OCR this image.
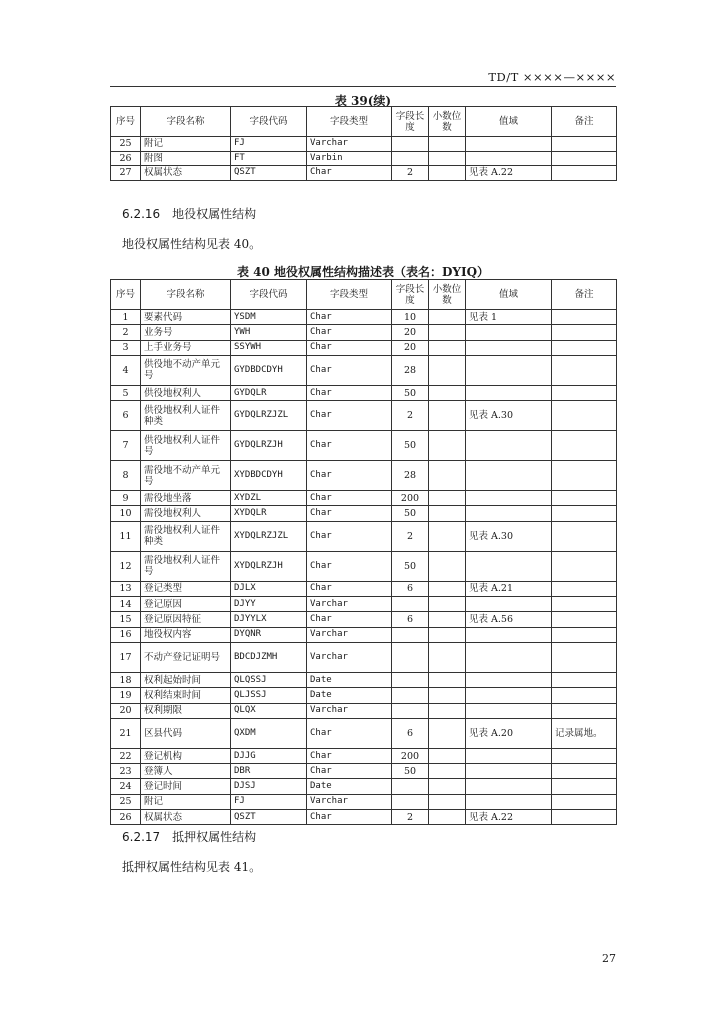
TD/T ××××—××××
表 39(续)
序号	字段名称	字段代码	字段类型	字段长度	小数位数	值域	备注
25	附记	FJ	Varchar				
26	附图	FT	Varbin				
27	权属状态	QSZT	Char	2		见表 A.22	
6.2.16 地役权属性结构
地役权属性结构见表 40。
表 40 地役权属性结构描述表（表名：DYIQ）
序号	字段名称	字段代码	字段类型	字段长度	小数位数	值域	备注
1	要素代码	YSDM	Char	10		见表 1	
2	业务号	YWH	Char	20			
3	上手业务号	SSYWH	Char	20			
4	供役地不动产单元号	GYDBDCDYH	Char	28			
5	供役地权利人	GYDQLR	Char	50			
6	供役地权利人证件种类	GYDQLRZJZL	Char	2		见表 A.30	
7	供役地权利人证件号	GYDQLRZJH	Char	50			
8	需役地不动产单元号	XYDBDCDYH	Char	28			
9	需役地坐落	XYDZL	Char	200			
10	需役地权利人	XYDQLR	Char	50			
11	需役地权利人证件种类	XYDQLRZJZL	Char	2		见表 A.30	
12	需役地权利人证件号	XYDQLRZJH	Char	50			
13	登记类型	DJLX	Char	6		见表 A.21	
14	登记原因	DJYY	Varchar				
15	登记原因特征	DJYYLX	Char	6		见表 A.56	
16	地役权内容	DYQNR	Varchar				
17	不动产登记证明号	BDCDJZMH	Varchar				
18	权利起始时间	QLQSSJ	Date				
19	权利结束时间	QLJSSJ	Date				
20	权利期限	QLQX	Varchar				
21	区县代码	QXDM	Char	6		见表 A.20	记录属地。
22	登记机构	DJJG	Char	200			
23	登簿人	DBR	Char	50			
24	登记时间	DJSJ	Date				
25	附记	FJ	Varchar				
26	权属状态	QSZT	Char	2		见表 A.22	
6.2.17 抵押权属性结构
抵押权属性结构见表 41。
27
